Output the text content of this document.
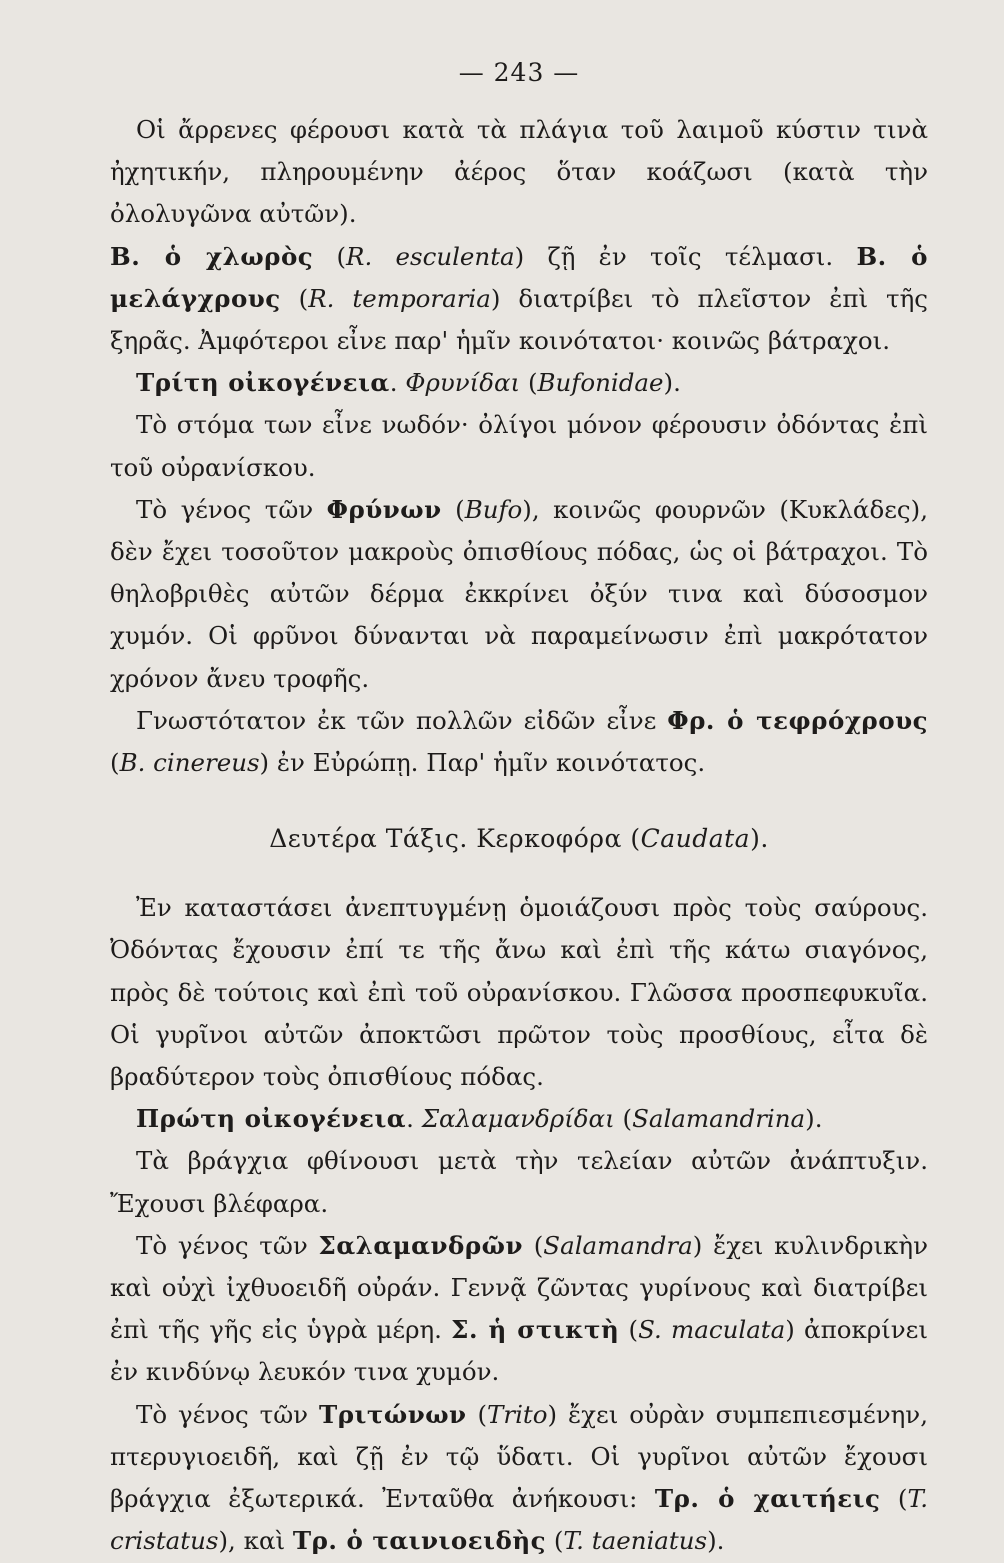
— 243 —

Οἱ ἄρρενες φέρουσι κατὰ τὰ πλάγια τοῦ λαιμοῦ κύστιν τινὰ ἠχητικήν, πληρουμένην ἀέρος ὅταν κοάζωσι (κατὰ τὴν ὀλολυγῶνα αὐτῶν).

Β. ὁ χλωρὸς (R. esculenta) ζῇ ἐν τοῖς τέλμασι. Β. ὁ μελάγχρους (R. temporaria) διατρίβει τὸ πλεῖστον ἐπὶ τῆς ξηρᾶς. Ἀμφότεροι εἶνε παρ' ἡμῖν κοινότατοι· κοινῶς βάτραχοι.

Τρίτη οἰκογένεια. Φρυνίδαι (Bufonidae).

Τὸ στόμα των εἶνε νωδόν· ὀλίγοι μόνον φέρουσιν ὀδόντας ἐπὶ τοῦ οὐρανίσκου.

Τὸ γένος τῶν Φρύνων (Bufo), κοινῶς φουρνῶν (Κυκλάδες), δὲν ἔχει τοσοῦτον μακροὺς ὀπισθίους πόδας, ὡς οἱ βάτραχοι. Τὸ θηλοβριθὲς αὐτῶν δέρμα ἐκκρίνει ὀξύν τινα καὶ δύσοσμον χυμόν. Οἱ φρῦνοι δύνανται νὰ παραμείνωσιν ἐπὶ μακρότατον χρόνον ἄνευ τροφῆς.

Γνωστότατον ἐκ τῶν πολλῶν εἰδῶν εἶνε Φρ. ὁ τεφρόχρους (B. cinereus) ἐν Εὐρώπῃ. Παρ' ἡμῖν κοινότατος.

Δευτέρα Τάξις. Κερκοφόρα (Caudata).

Ἐν καταστάσει ἀνεπτυγμένῃ ὁμοιάζουσι πρὸς τοὺς σαύρους. Ὀδόντας ἔχουσιν ἐπί τε τῆς ἄνω καὶ ἐπὶ τῆς κάτω σιαγόνος, πρὸς δὲ τούτοις καὶ ἐπὶ τοῦ οὐρανίσκου. Γλῶσσα προσπεφυκυῖα. Οἱ γυρῖνοι αὐτῶν ἀποκτῶσι πρῶτον τοὺς προσθίους, εἶτα δὲ βραδύτερον τοὺς ὀπισθίους πόδας.

Πρώτη οἰκογένεια. Σαλαμανδρίδαι (Salamandrina).

Τὰ βράγχια φθίνουσι μετὰ τὴν τελείαν αὐτῶν ἀνάπτυξιν. Ἔχουσι βλέφαρα.

Τὸ γένος τῶν Σαλαμανδρῶν (Salamandra) ἔχει κυλινδρικὴν καὶ οὐχὶ ἰχθυοειδῆ οὐράν. Γεννᾷ ζῶντας γυρίνους καὶ διατρίβει ἐπὶ τῆς γῆς εἰς ὑγρὰ μέρη. Σ. ἡ στικτὴ (S. maculata) ἀποκρίνει ἐν κινδύνῳ λευκόν τινα χυμόν.

Τὸ γένος τῶν Τριτώνων (Trito) ἔχει οὐρὰν συμπεπιεσμένην, πτερυγιοειδῆ, καὶ ζῇ ἐν τῷ ὕδατι. Οἱ γυρῖνοι αὐτῶν ἔχουσι βράγχια ἐξωτερικά. Ἐνταῦθα ἀνήκουσι: Τρ. ὁ χαιτήεις (T. cristatus), καὶ Τρ. ὁ ταινιοειδὴς (T. taeniatus).
